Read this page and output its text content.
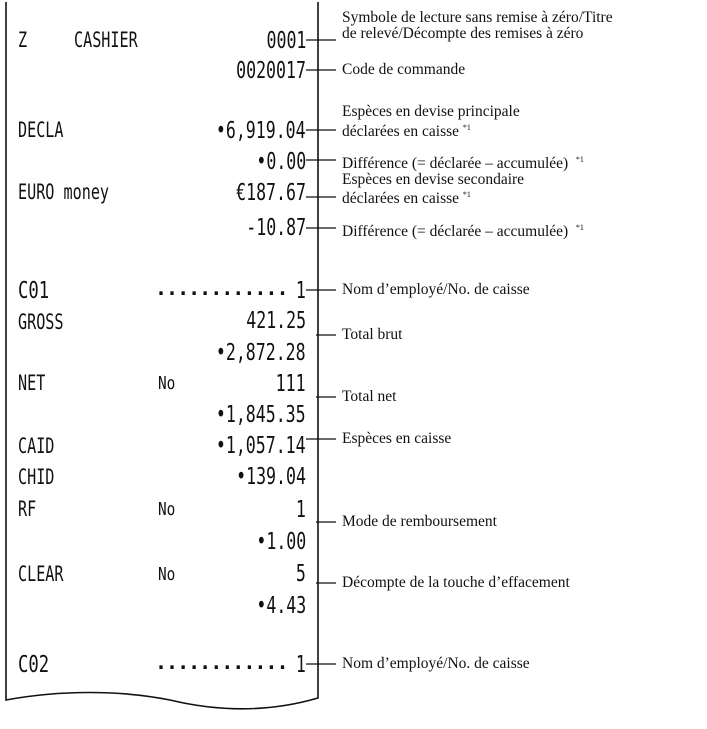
Z CASHIER	0001
0020017
DECLA	•6,919.04
•0.00
EURO money	€187.67
-10.87
C01	............ 1
GROSS	421.25
•2,872.28
NET	No	111
•1,845.35
CAID	•1,057.14
CHID	•139.04
RF	No	1
•1.00
CLEAR	No	5
•4.43
C02	............ 1
Symbole de lecture sans remise à zéro/Titre
de relevé/Décompte des remises à zéro
Code de commande
Espèces en devise principale
déclarées en caisse $^{*1}$
Différence (= déclarée – accumulée) $^{*1}$
Espèces en devise secondaire
déclarées en caisse $^{*1}$
Différence (= déclarée – accumulée) $^{*1}$
Nom d’employé/No. de caisse
Total brut
Total net
Espèces en caisse
Mode de remboursement
Décompte de la touche d’effacement
Nom d’employé/No. de caisse
